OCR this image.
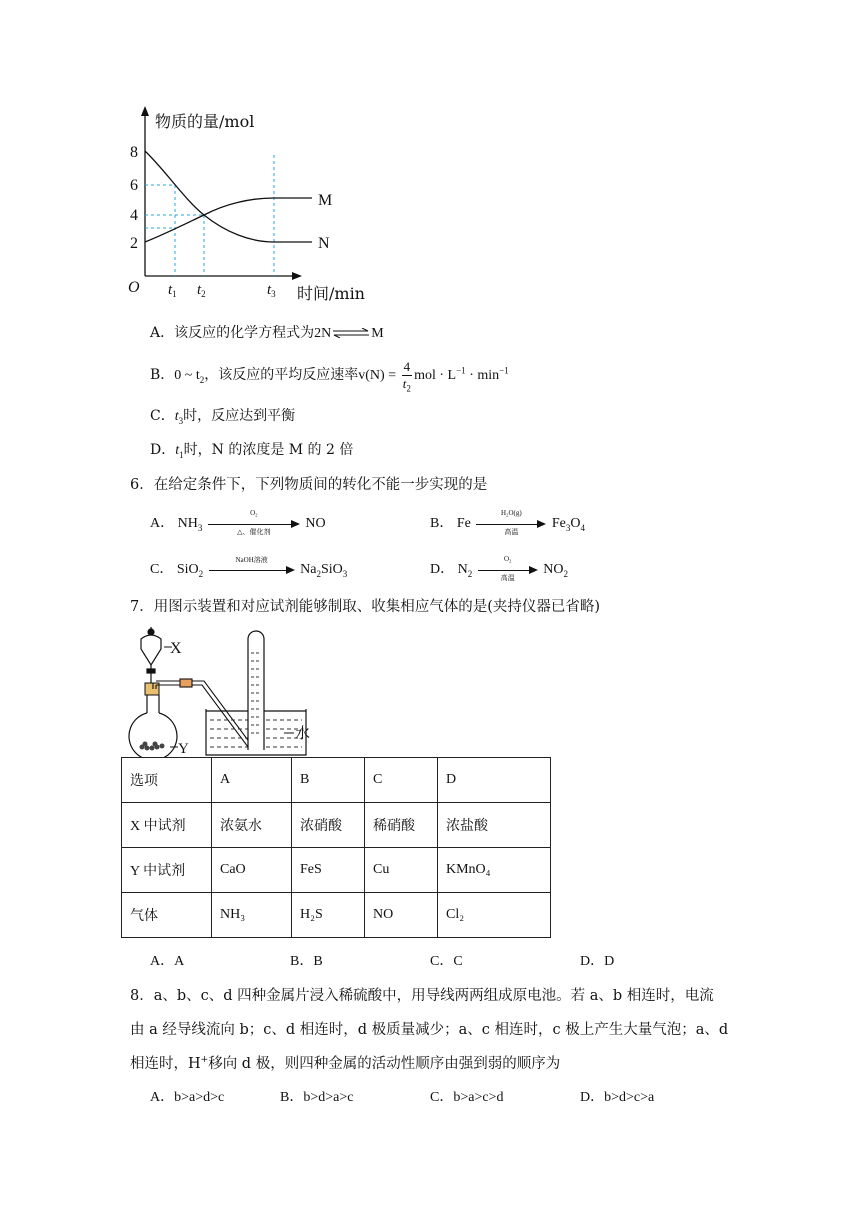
8
6
4
2
O
M
N
$t_1$ $t_2$	$t_3$
物质的量/mol
时间/min
A．该反应的化学方程式为2N⇌M
B．0 ~ $t_2$，该反应的平均反应速率$v(N) = \frac{4}{t_2}$ mol · $L^{-1} \cdot \min^{-1}$
C．$t_3$时，反应达到平衡
D．$t_1$时，N 的浓度是 M 的 2 倍
6．在给定条件下，下列物质间的转化不能一步实现的是
A． $NH_3$
O₂
△、催化剂
NO	B． Fe
H₂O(g)
高温
$Fe_3O_4$
C． SiO$_2$
NaOH溶液
$Na_2SiO_3$	D． $N_2$
O₂
高温
$NO_2$
7．用图示装置和对应试剂能够制取、收集相应气体的是(夹持仪器已省略)
X
Y
水
选项	A	B	C	D
X 中试剂	浓氨水	浓硝酸	稀硝酸	浓盐酸
Y 中试剂	CaO	FeS	Cu	KMnO₄
气体	NH₃	H₂S	NO	Cl₂
A．A	B．B	C．C	D．D
8．a、b、c、d 四种金属片浸入稀硫酸中，用导线两两组成原电池。若 a、b 相连时，电流
由 a 经导线流向 b；c、d 相连时，d 极质量减少；a、c 相连时，c 极上产生大量气泡；a、d
相连时，H+移向 d 极，则四种金属的活动性顺序由强到弱的顺序为
A．b>a>d>c	B．b>d>a>c	C．b>a>c>d	D．b>d>c>a
